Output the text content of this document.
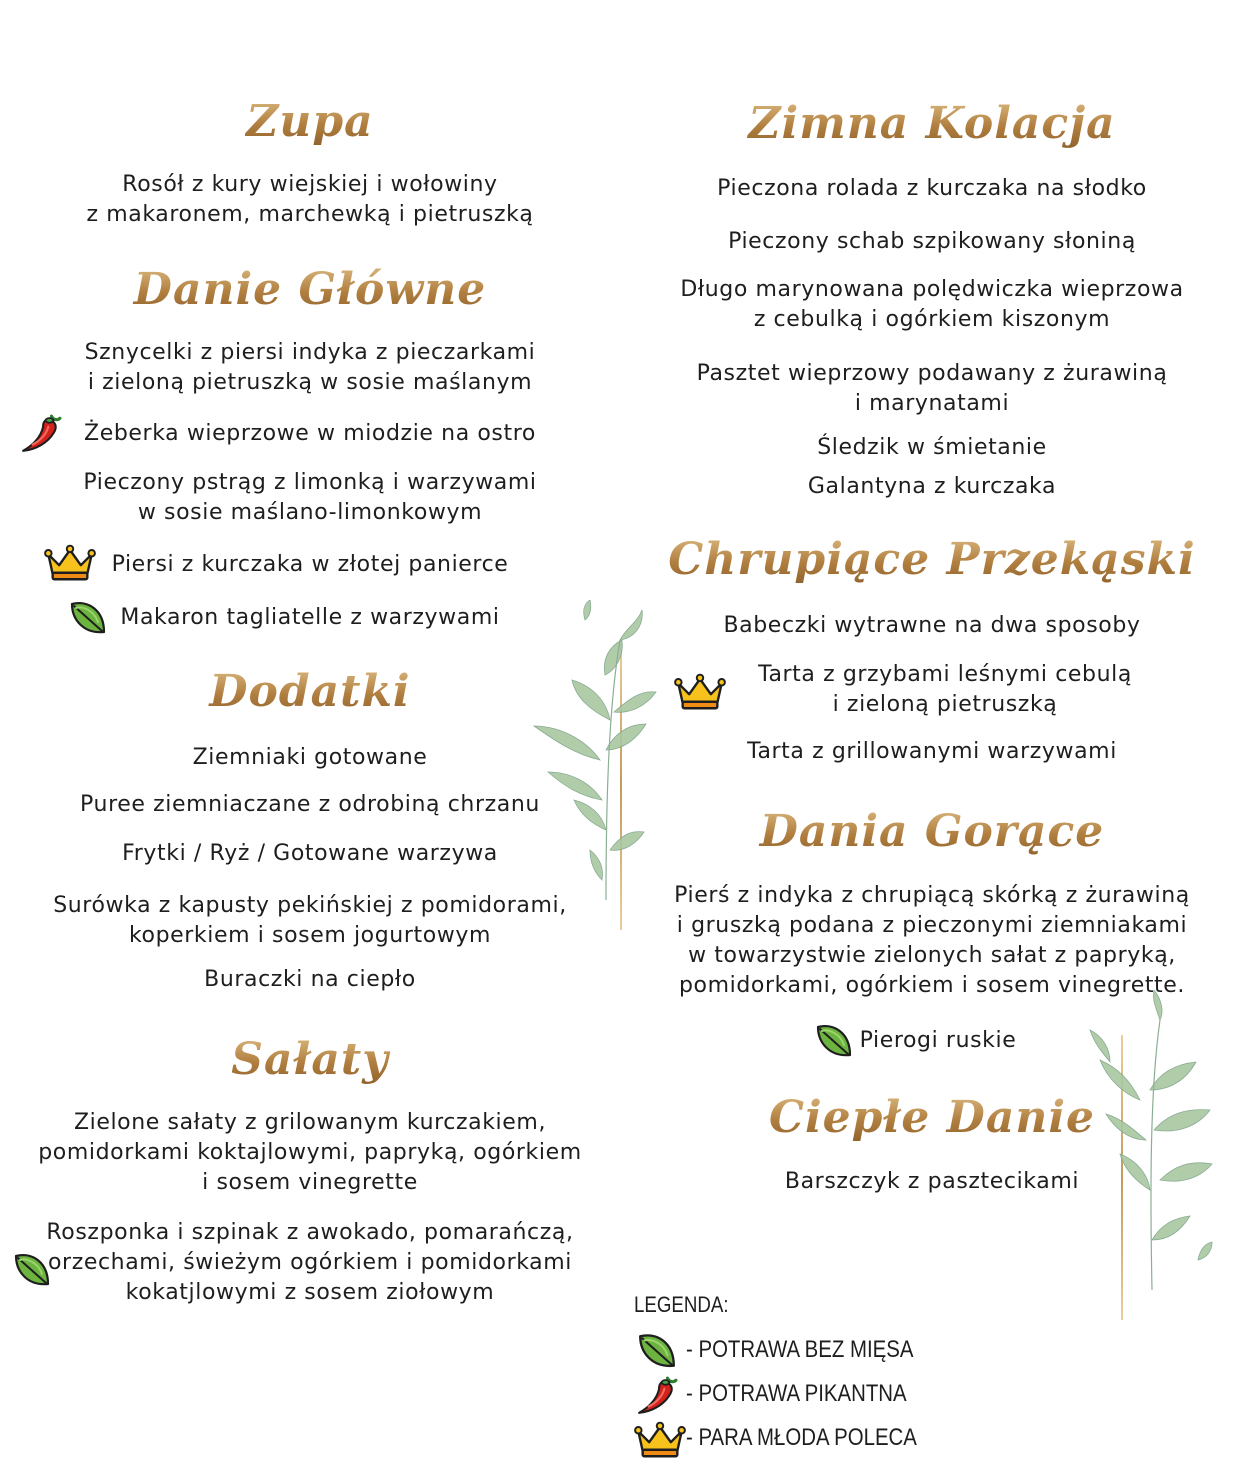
Zupa
Rosół z kury wiejskiej i wołowiny
z makaronem, marchewką i pietruszką
Danie Główne
Sznycelki z piersi indyka z pieczarkami
i zieloną pietruszką w sosie maślanym
Żeberka wieprzowe w miodzie na ostro
Pieczony pstrąg z limonką i warzywami
w sosie maślano-limonkowym
Piersi z kurczaka w złotej panierce
Makaron tagliatelle z warzywami
Dodatki
Ziemniaki gotowane
Puree ziemniaczane z odrobiną chrzanu
Frytki / Ryż / Gotowane warzywa
Surówka z kapusty pekińskiej z pomidorami,
koperkiem i sosem jogurtowym
Buraczki na ciepło
Sałaty
Zielone sałaty z grilowanym kurczakiem,
pomidorkami koktajlowymi, papryką, ogórkiem
i sosem vinegrette
Roszponka i szpinak z awokado, pomarańczą,
orzechami, świeżym ogórkiem i pomidorkami
kokatjlowymi z sosem ziołowym
Zimna Kolacja
Pieczona rolada z kurczaka na słodko
Pieczony schab szpikowany słoniną
Długo marynowana polędwiczka wieprzowa
z cebulką i ogórkiem kiszonym
Pasztet wieprzowy podawany z żurawiną
i marynatami
Śledzik w śmietanie
Galantyna z kurczaka
Chrupiące Przekąski
Babeczki wytrawne na dwa sposoby
Tarta z grzybami leśnymi cebulą
i zieloną pietruszką
Tarta z grillowanymi warzywami
Dania Gorące
Pierś z indyka z chrupiącą skórką z żurawiną
i gruszką podana z pieczonymi ziemniakami
w towarzystwie zielonych sałat z papryką,
pomidorkami, ogórkiem i sosem vinegrette.
Pierogi ruskie
Ciepłe Danie
Barszczyk z pasztecikami
LEGENDA:
- POTRAWA BEZ MIĘSA
- POTRAWA PIKANTNA
- PARA MŁODA POLECA
